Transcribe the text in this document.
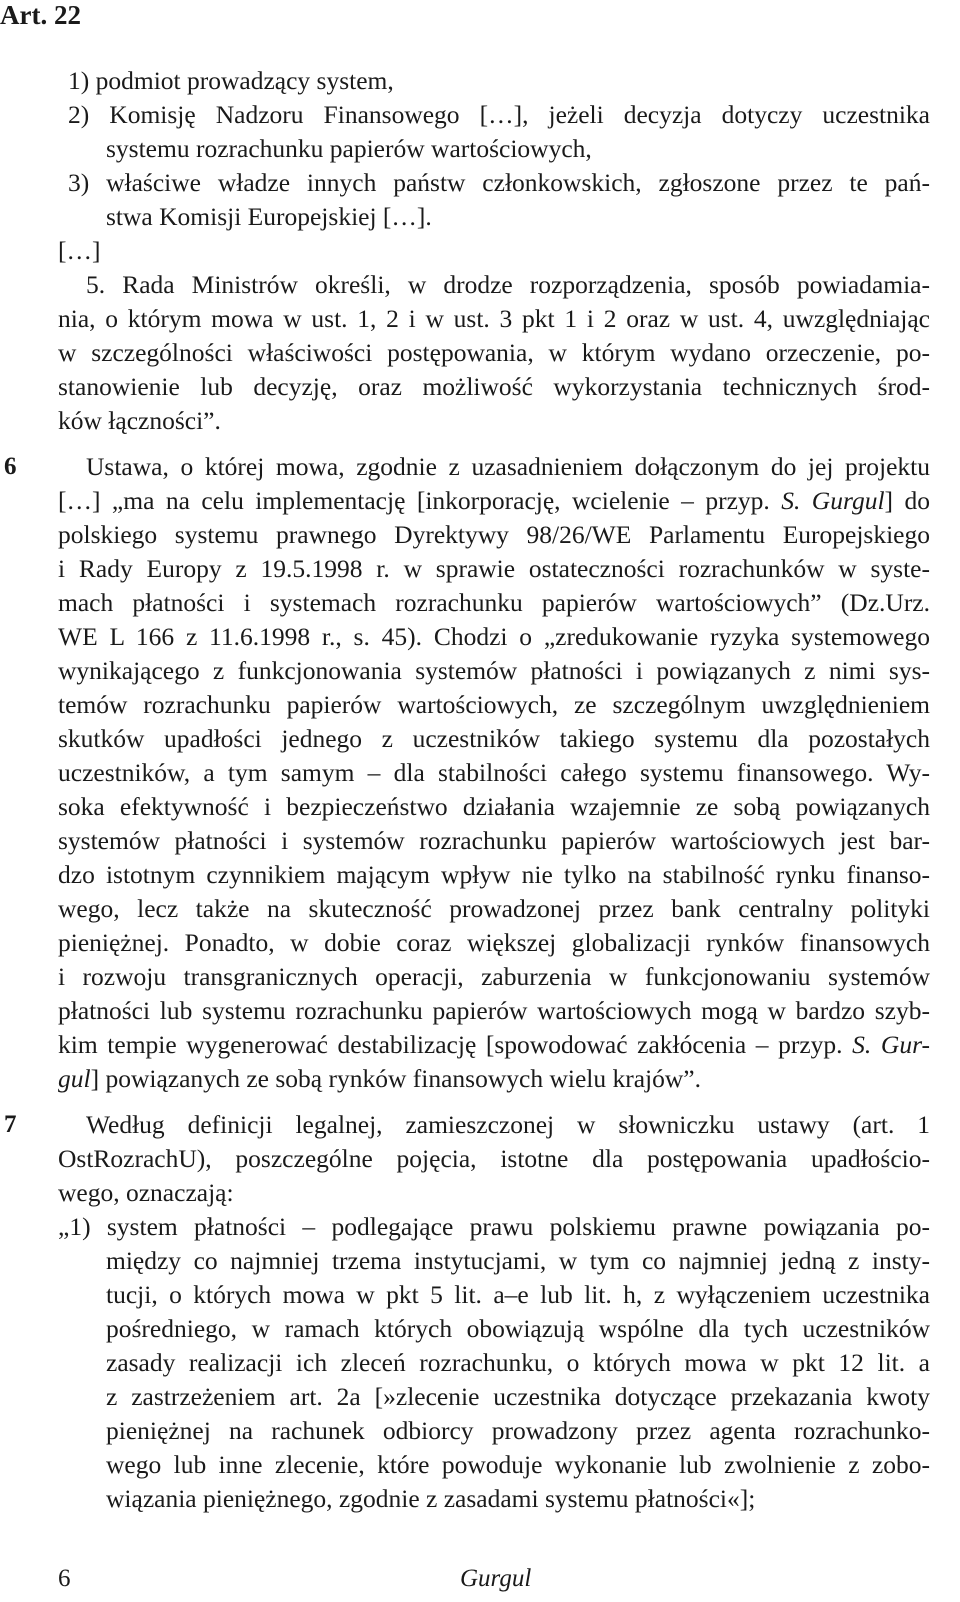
Art. 22
1) podmiot prowadzący system,
2) Komisję Nadzoru Finansowego […], jeżeli decyzja dotyczy uczestnika
systemu rozrachunku papierów wartościowych,
3) właściwe władze innych państw członkowskich, zgłoszone przez te pań-
stwa Komisji Europejskiej […].
[…]
5. Rada Ministrów określi, w drodze rozporządzenia, sposób powiadamia-
nia, o którym mowa w ust. 1, 2 i w ust. 3 pkt 1 i 2 oraz w ust. 4, uwzględniając
w szczególności właściwości postępowania, w którym wydano orzeczenie, po-
stanowienie lub decyzję, oraz możliwość wykorzystania technicznych środ-
ków łączności”.
6	Ustawa, o której mowa, zgodnie z uzasadnieniem dołączonym do jej projektu
[…] „ma na celu implementację [inkorporację, wcielenie – przyp. S. Gurgul] do
polskiego systemu prawnego Dyrektywy 98/26/WE Parlamentu Europejskiego
i Rady Europy z 19.5.1998 r. w sprawie ostateczności rozrachunków w syste-
mach płatności i systemach rozrachunku papierów wartościowych” (Dz.Urz.
WE L 166 z 11.6.1998 r., s. 45). Chodzi o „zredukowanie ryzyka systemowego
wynikającego z funkcjonowania systemów płatności i powiązanych z nimi sys-
temów rozrachunku papierów wartościowych, ze szczególnym uwzględnieniem
skutków upadłości jednego z uczestników takiego systemu dla pozostałych
uczestników, a tym samym – dla stabilności całego systemu finansowego. Wy-
soka efektywność i bezpieczeństwo działania wzajemnie ze sobą powiązanych
systemów płatności i systemów rozrachunku papierów wartościowych jest bar-
dzo istotnym czynnikiem mającym wpływ nie tylko na stabilność rynku finanso-
wego, lecz także na skuteczność prowadzonej przez bank centralny polityki
pieniężnej. Ponadto, w dobie coraz większej globalizacji rynków finansowych
i rozwoju transgranicznych operacji, zaburzenia w funkcjonowaniu systemów
płatności lub systemu rozrachunku papierów wartościowych mogą w bardzo szyb-
kim tempie wygenerować destabilizację [spowodować zakłócenia – przyp. S. Gur-
gul] powiązanych ze sobą rynków finansowych wielu krajów”.
7	Według definicji legalnej, zamieszczonej w słowniczku ustawy (art. 1
OstRozrachU), poszczególne pojęcia, istotne dla postępowania upadłościo-
wego, oznaczają:
„1) system płatności – podlegające prawu polskiemu prawne powiązania po-
między co najmniej trzema instytucjami, w tym co najmniej jedną z insty-
tucji, o których mowa w pkt 5 lit. a–e lub lit. h, z wyłączeniem uczestnika
pośredniego, w ramach których obowiązują wspólne dla tych uczestników
zasady realizacji ich zleceń rozrachunku, o których mowa w pkt 12 lit. a
z zastrzeżeniem art. 2a [»zlecenie uczestnika dotyczące przekazania kwoty
pieniężnej na rachunek odbiorcy prowadzony przez agenta rozrachunko-
wego lub inne zlecenie, które powoduje wykonanie lub zwolnienie z zobo-
wiązania pieniężnego, zgodnie z zasadami systemu płatności«];
6	Gurgul
